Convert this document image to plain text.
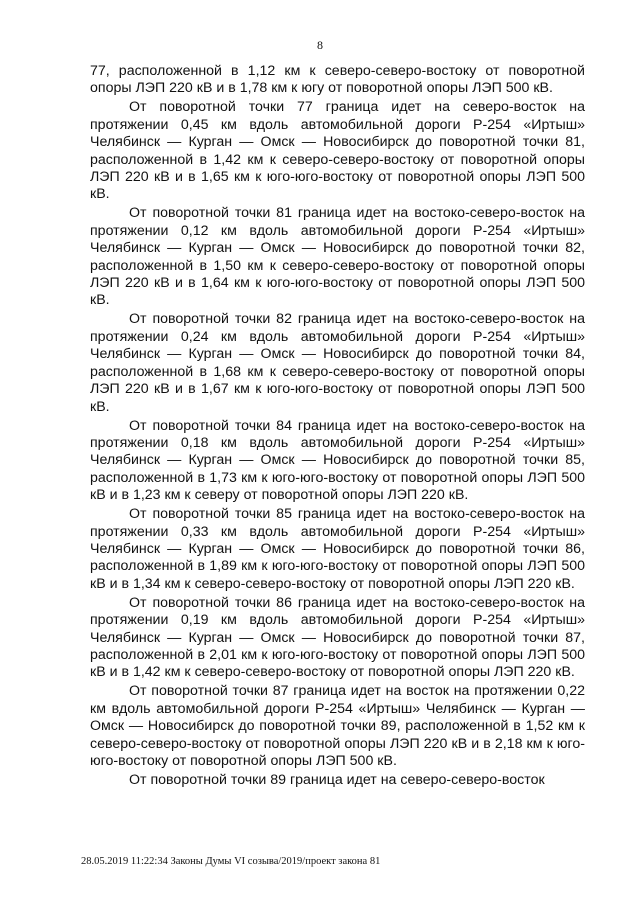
8

77, расположенной в 1,12 км к северо-северо-востоку от поворотной опоры ЛЭП 220 кВ и в 1,78 км к югу от поворотной опоры ЛЭП 500 кВ.

От поворотной точки 77 граница идет на северо-восток на протяжении 0,45 км вдоль автомобильной дороги Р-254 «Иртыш» Челябинск — Курган — Омск — Новосибирск до поворотной точки 81, расположенной в 1,42 км к северо-северо-востоку от поворотной опоры ЛЭП 220 кВ и в 1,65 км к юго-юго-востоку от поворотной опоры ЛЭП 500 кВ.

От поворотной точки 81 граница идет на востоко-северо-восток на протяжении 0,12 км вдоль автомобильной дороги Р-254 «Иртыш» Челябинск — Курган — Омск — Новосибирск до поворотной точки 82, расположенной в 1,50 км к северо-северо-востоку от поворотной опоры ЛЭП 220 кВ и в 1,64 км к юго-юго-востоку от поворотной опоры ЛЭП 500 кВ.

От поворотной точки 82 граница идет на востоко-северо-восток на протяжении 0,24 км вдоль автомобильной дороги Р-254 «Иртыш» Челябинск — Курган — Омск — Новосибирск до поворотной точки 84, расположенной в 1,68 км к северо-северо-востоку от поворотной опоры ЛЭП 220 кВ и в 1,67 км к юго-юго-востоку от поворотной опоры ЛЭП 500 кВ.

От поворотной точки 84 граница идет на востоко-северо-восток на протяжении 0,18 км вдоль автомобильной дороги Р-254 «Иртыш» Челябинск — Курган — Омск — Новосибирск до поворотной точки 85, расположенной в 1,73 км к юго-юго-востоку от поворотной опоры ЛЭП 500 кВ и в 1,23 км к северу от поворотной опоры ЛЭП 220 кВ.

От поворотной точки 85 граница идет на востоко-северо-восток на протяжении 0,33 км вдоль автомобильной дороги Р-254 «Иртыш» Челябинск — Курган — Омск — Новосибирск до поворотной точки 86, расположенной в 1,89 км к юго-юго-востоку от поворотной опоры ЛЭП 500 кВ и в 1,34 км к северо-северо-востоку от поворотной опоры ЛЭП 220 кВ.

От поворотной точки 86 граница идет на востоко-северо-восток на протяжении 0,19 км вдоль автомобильной дороги Р-254 «Иртыш» Челябинск — Курган — Омск — Новосибирск до поворотной точки 87, расположенной в 2,01 км к юго-юго-востоку от поворотной опоры ЛЭП 500 кВ и в 1,42 км к северо-северо-востоку от поворотной опоры ЛЭП 220 кВ.

От поворотной точки 87 граница идет на восток на протяжении 0,22 км вдоль автомобильной дороги Р-254 «Иртыш» Челябинск — Курган — Омск — Новосибирск до поворотной точки 89, расположенной в 1,52 км к северо-северо-востоку от поворотной опоры ЛЭП 220 кВ и в 2,18 км к юго-юго-востоку от поворотной опоры ЛЭП 500 кВ.

От поворотной точки 89 граница идет на северо-северо-восток

28.05.2019 11:22:34 Законы Думы VI созыва/2019/проект закона 81
